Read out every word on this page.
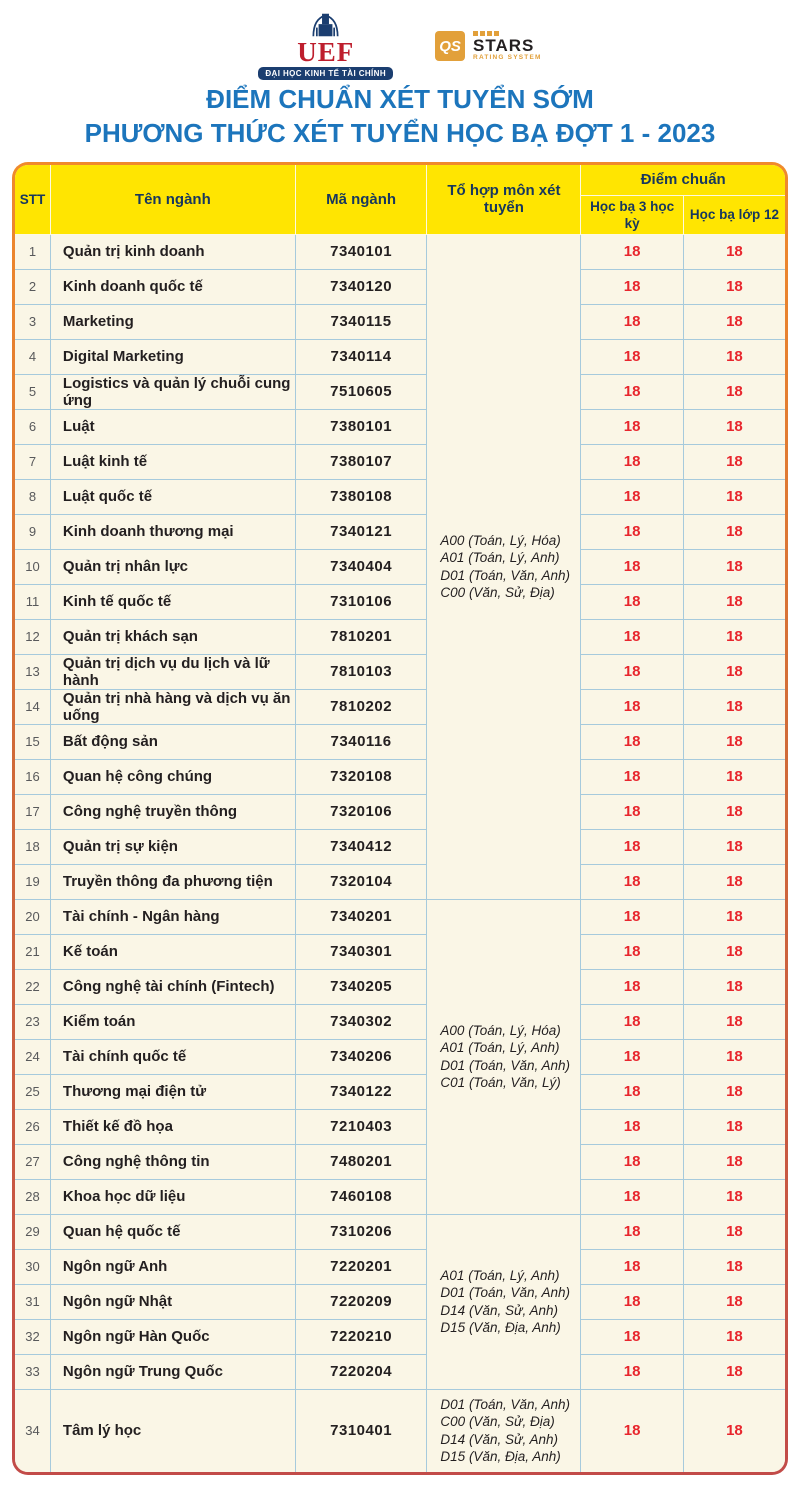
UEF
ĐẠI HỌC KINH TẾ TÀI CHÍNH
QS STARS
RATING SYSTEM
ĐIỂM CHUẨN XÉT TUYỂN SỚM
PHƯƠNG THỨC XÉT TUYỂN HỌC BẠ ĐỢT 1 - 2023
STT	Tên ngành	Mã ngành	Tổ hợp môn xét tuyển	Điểm chuẩn	
				Học bạ 3 học kỳ	Học bạ lớp 12
1	Quản trị kinh doanh	7340101	A00 (Toán, Lý, Hóa)
A01 (Toán, Lý, Anh)
D01 (Toán, Văn, Anh)
C00 (Văn, Sử, Địa)	18	18
2	Kinh doanh quốc tế	7340120		18	18
3	Marketing	7340115		18	18
4	Digital Marketing	7340114		18	18
5	Logistics và quản lý chuỗi cung ứng	7510605		18	18
6	Luật	7380101		18	18
7	Luật kinh tế	7380107		18	18
8	Luật quốc tế	7380108		18	18
9	Kinh doanh thương mại	7340121		18	18
10	Quản trị nhân lực	7340404		18	18
11	Kinh tế quốc tế	7310106		18	18
12	Quản trị khách sạn	7810201		18	18
13	Quản trị dịch vụ du lịch và lữ hành	7810103		18	18
14	Quản trị nhà hàng và dịch vụ ăn uống	7810202		18	18
15	Bất động sản	7340116		18	18
16	Quan hệ công chúng	7320108		18	18
17	Công nghệ truyền thông	7320106		18	18
18	Quản trị sự kiện	7340412		18	18
19	Truyền thông đa phương tiện	7320104		18	18
20	Tài chính - Ngân hàng	7340201	A00 (Toán, Lý, Hóa)
A01 (Toán, Lý, Anh)
D01 (Toán, Văn, Anh)
C01 (Toán, Văn, Lý)	18	18
21	Kế toán	7340301		18	18
22	Công nghệ tài chính (Fintech)	7340205		18	18
23	Kiểm toán	7340302		18	18
24	Tài chính quốc tế	7340206		18	18
25	Thương mại điện tử	7340122		18	18
26	Thiết kế đồ họa	7210403		18	18
27	Công nghệ thông tin	7480201		18	18
28	Khoa học dữ liệu	7460108		18	18
29	Quan hệ quốc tế	7310206	A01 (Toán, Lý, Anh)
D01 (Toán, Văn, Anh)
D14 (Văn, Sử, Anh)
D15 (Văn, Địa, Anh)	18	18
30	Ngôn ngữ Anh	7220201		18	18
31	Ngôn ngữ Nhật	7220209		18	18
32	Ngôn ngữ Hàn Quốc	7220210		18	18
33	Ngôn ngữ Trung Quốc	7220204		18	18
34	Tâm lý học	7310401	D01 (Toán, Văn, Anh)
C00 (Văn, Sử, Địa)
D14 (Văn, Sử, Anh)
D15 (Văn, Địa, Anh)	18	18
